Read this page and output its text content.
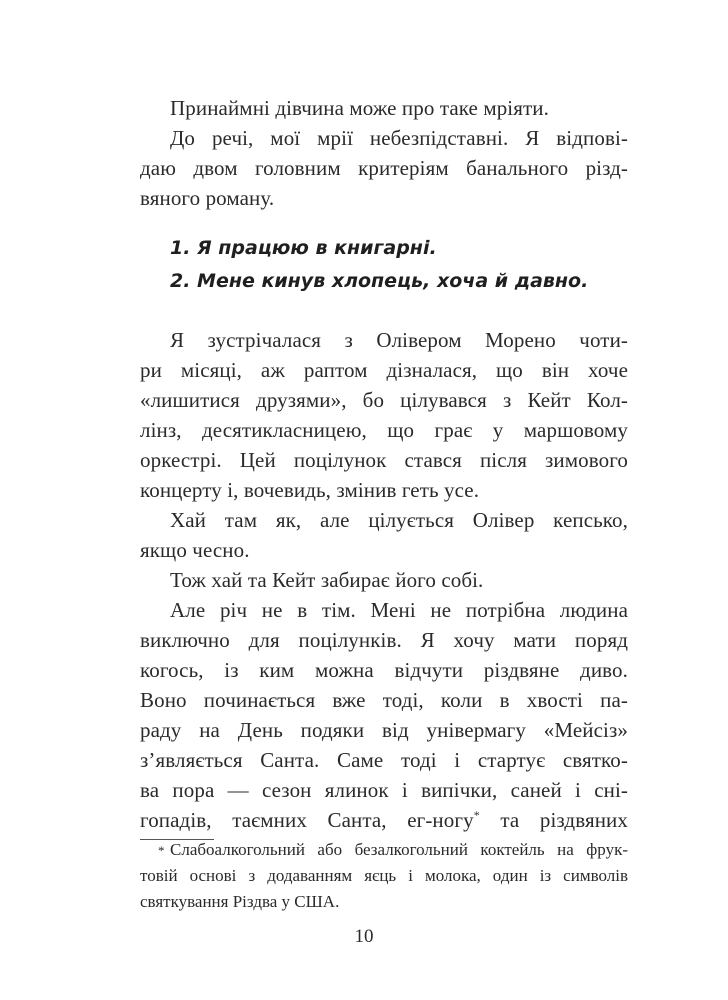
Принаймні дівчина може про таке мріяти.
До речі, мої мрії небезпідставні. Я відпові-
даю двом головним критеріям банального різд-
вяного роману.
1. Я працюю в книгарні.
2. Мене кинув хлопець, хоча й давно.
Я зустрічалася з Олівером Морено чоти-
ри місяці, аж раптом дізналася, що він хоче
«лишитися друзями», бо цілувався з Кейт Кол-
лінз, десятикласницею, що грає у маршовому
оркестрі. Цей поцілунок стався після зимового
концерту і, вочевидь, змінив геть усе.
Хай там як, але цілується Олівер кепсько,
якщо чесно.
Тож хай та Кейт забирає його собі.
Але річ не в тім. Мені не потрібна людина
виключно для поцілунків. Я хочу мати поряд
когось, із ким можна відчути різдвяне диво.
Воно починається вже тоді, коли в хвості па-
раду на День подяки від універмагу «Мейсіз»
з’являється Санта. Саме тоді і стартує святко-
ва пора — сезон ялинок і випічки, саней і сні-
гопадів, таємних Санта, ег-ногу* та різдвяних
* Слабоалкогольний або безалкогольний коктейль на фрук-
товій основі з додаванням яєць і молока, один із символів
святкування Різдва у США.
10
